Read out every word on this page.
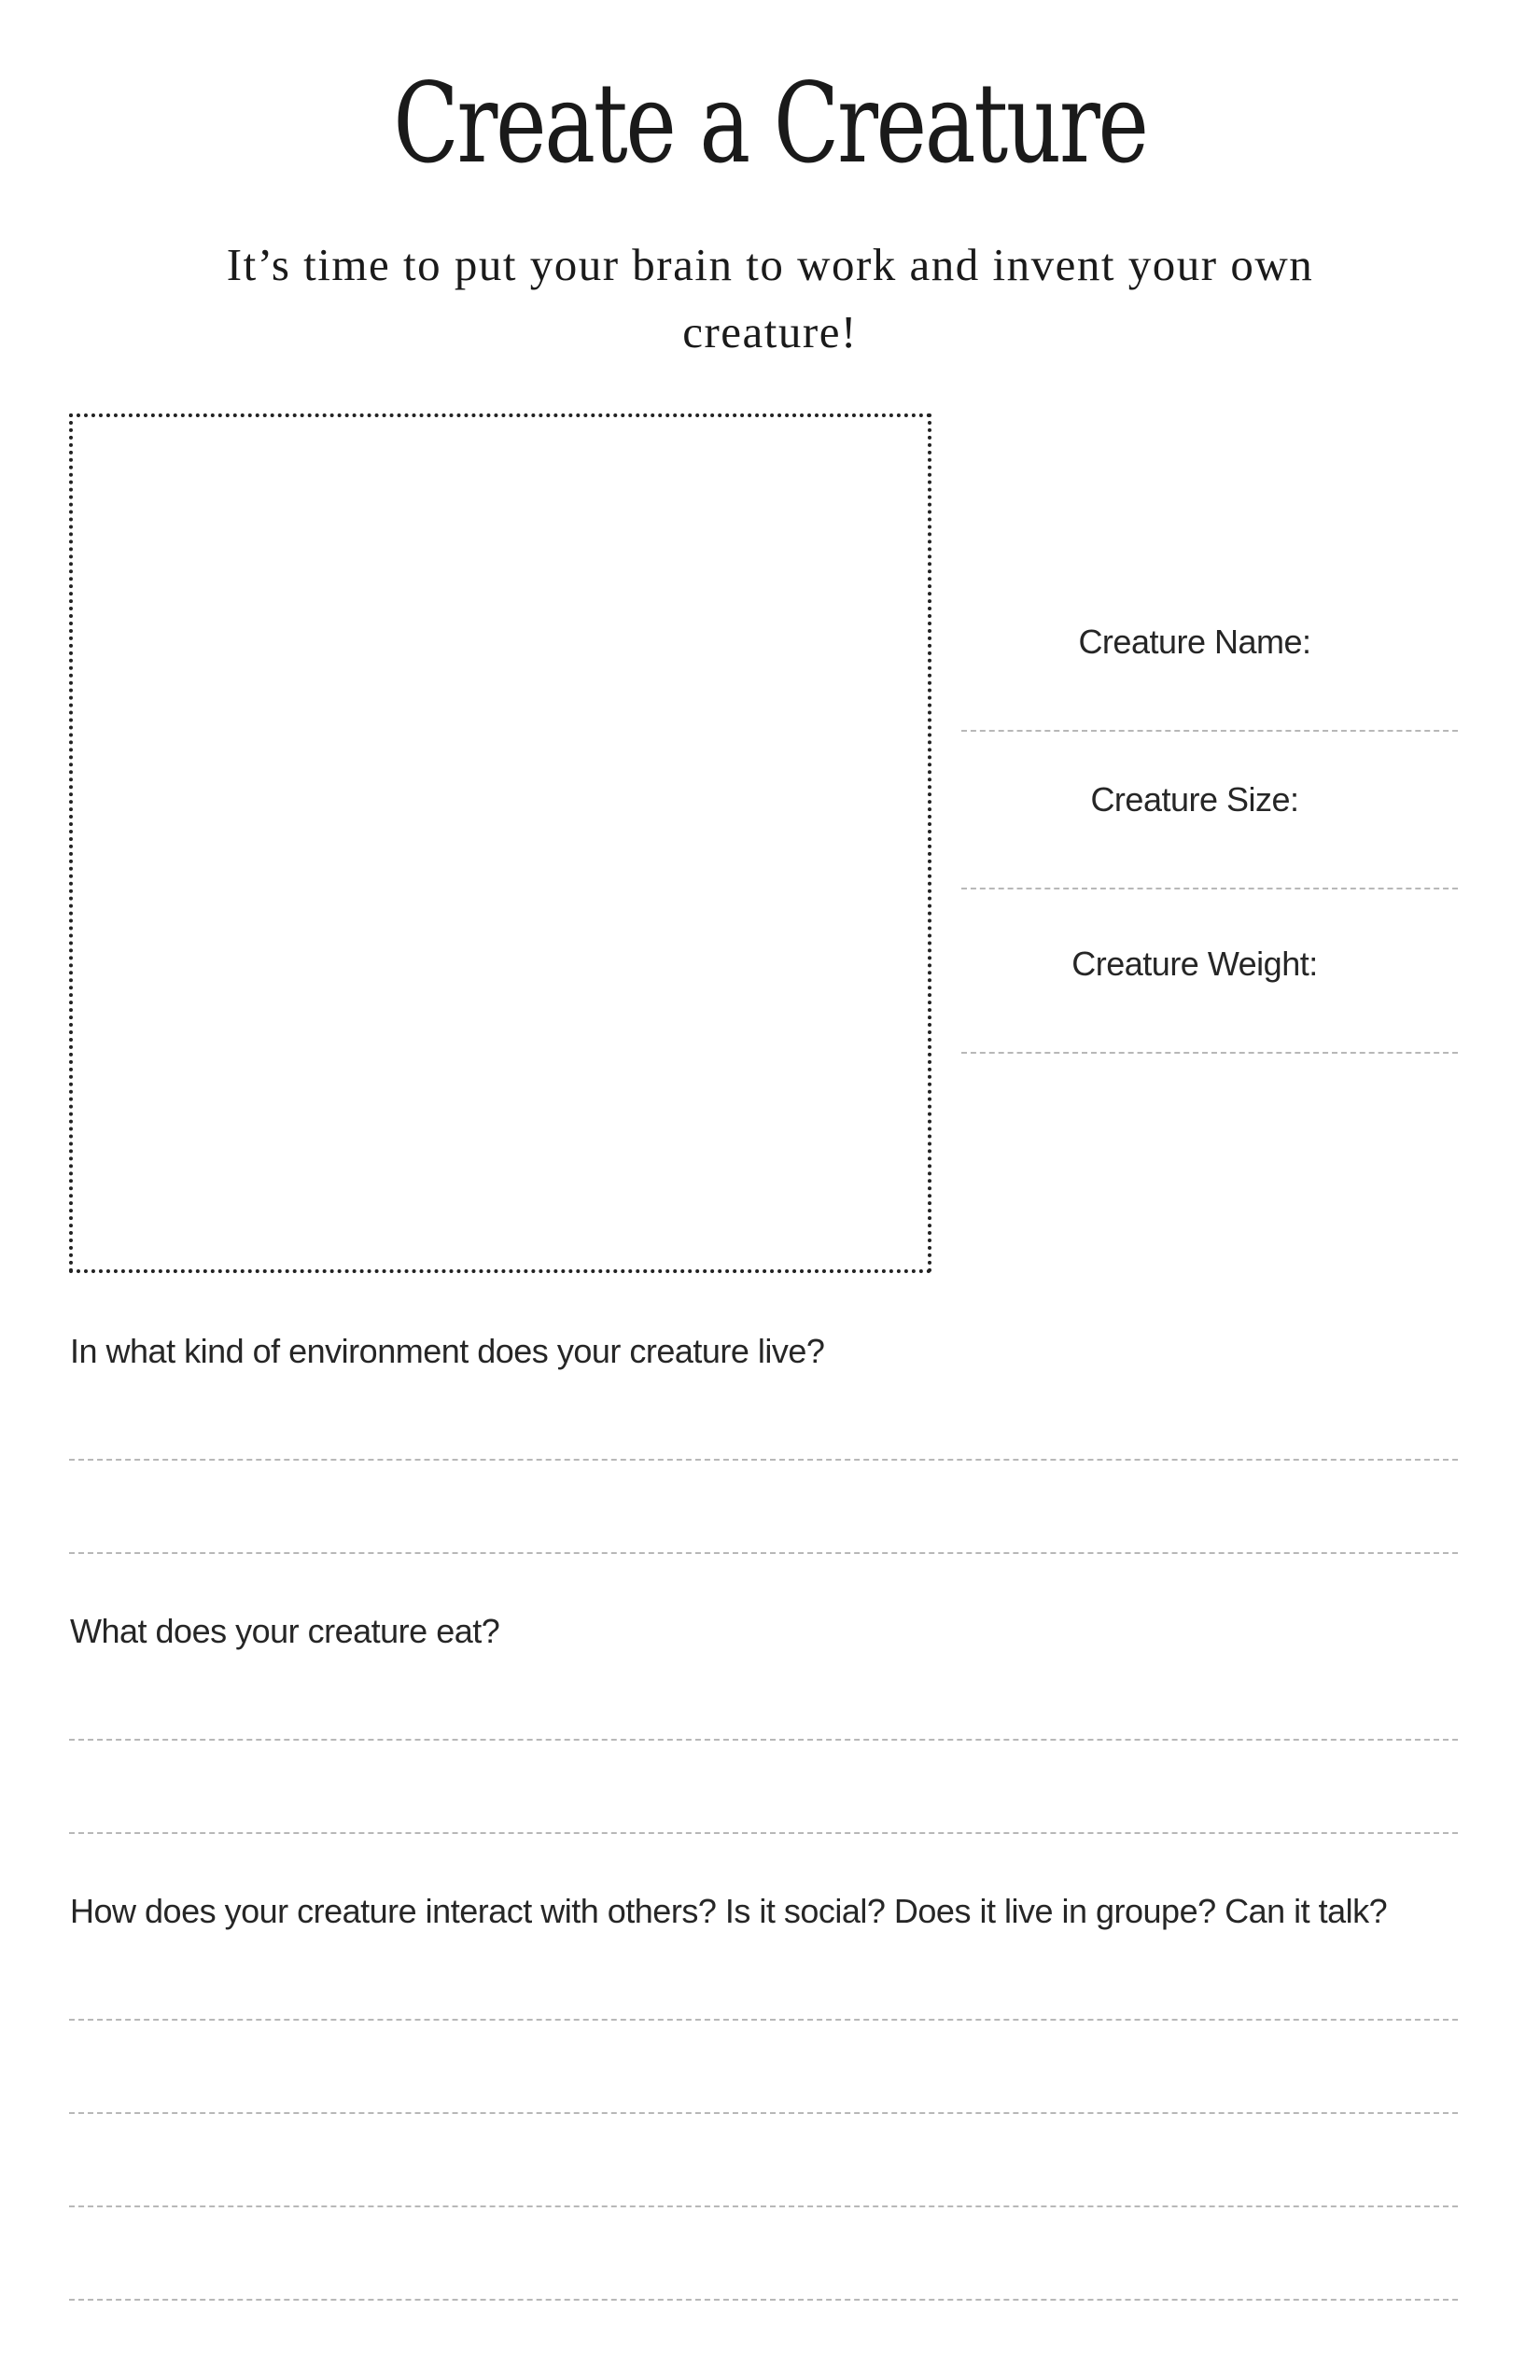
Create a Creature
It’s time to put your brain to work and invent your own creature!
Creature Name:
Creature Size:
Creature Weight:
In what kind of environment does your creature live?
What does your creature eat?
How does your creature interact with others? Is it social? Does it live in groupe? Can it talk?
